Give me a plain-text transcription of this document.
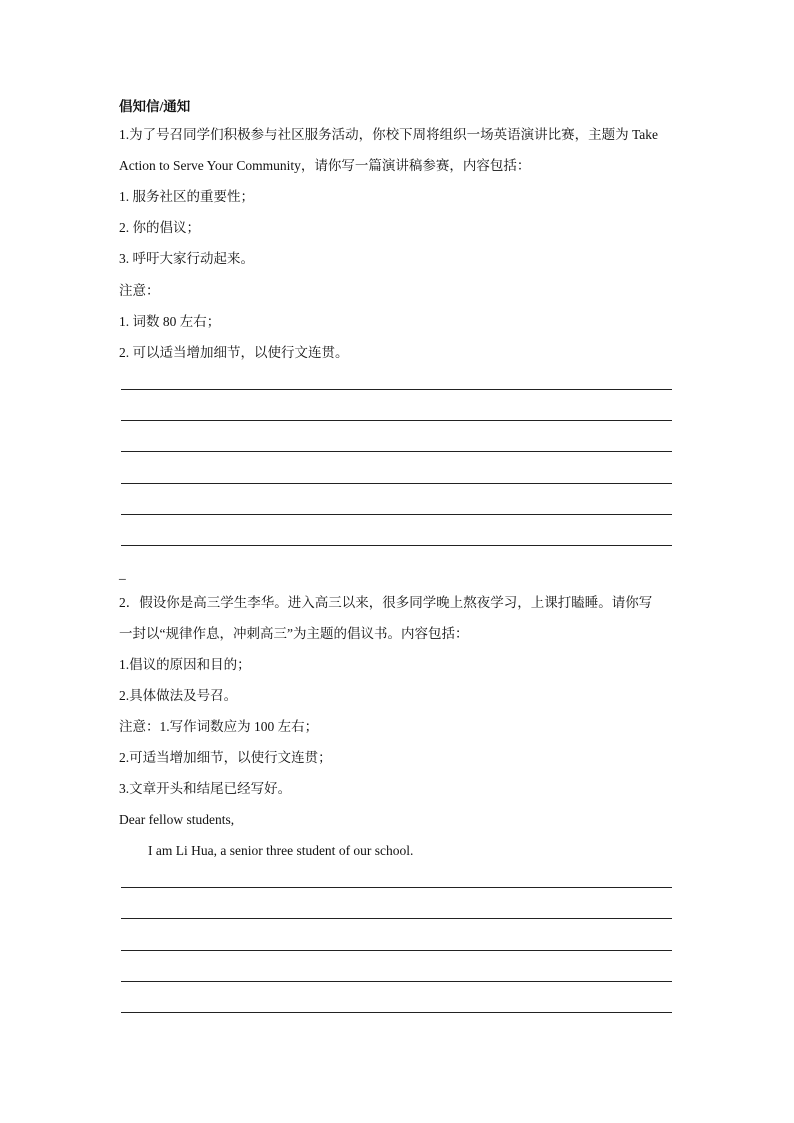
倡知信/通知
1.为了号召同学们积极参与社区服务活动，你校下周将组织一场英语演讲比赛，主题为 Take
Action to Serve Your Community，请你写一篇演讲稿参赛，内容包括：
1. 服务社区的重要性；
2. 你的倡议；
3. 呼吁大家行动起来。
注意：
1. 词数 80 左右；
2. 可以适当增加细节，以使行文连贯。
_
2．假设你是高三学生李华。进入高三以来，很多同学晚上熬夜学习，上课打瞌睡。请你写
一封以“规律作息，冲刺高三”为主题的倡议书。内容包括：
1.倡议的原因和目的；
2.具体做法及号召。
注意：1.写作词数应为 100 左右；
2.可适当增加细节，以使行文连贯；
3.文章开头和结尾已经写好。
Dear fellow students,
I am Li Hua, a senior three student of our school.
